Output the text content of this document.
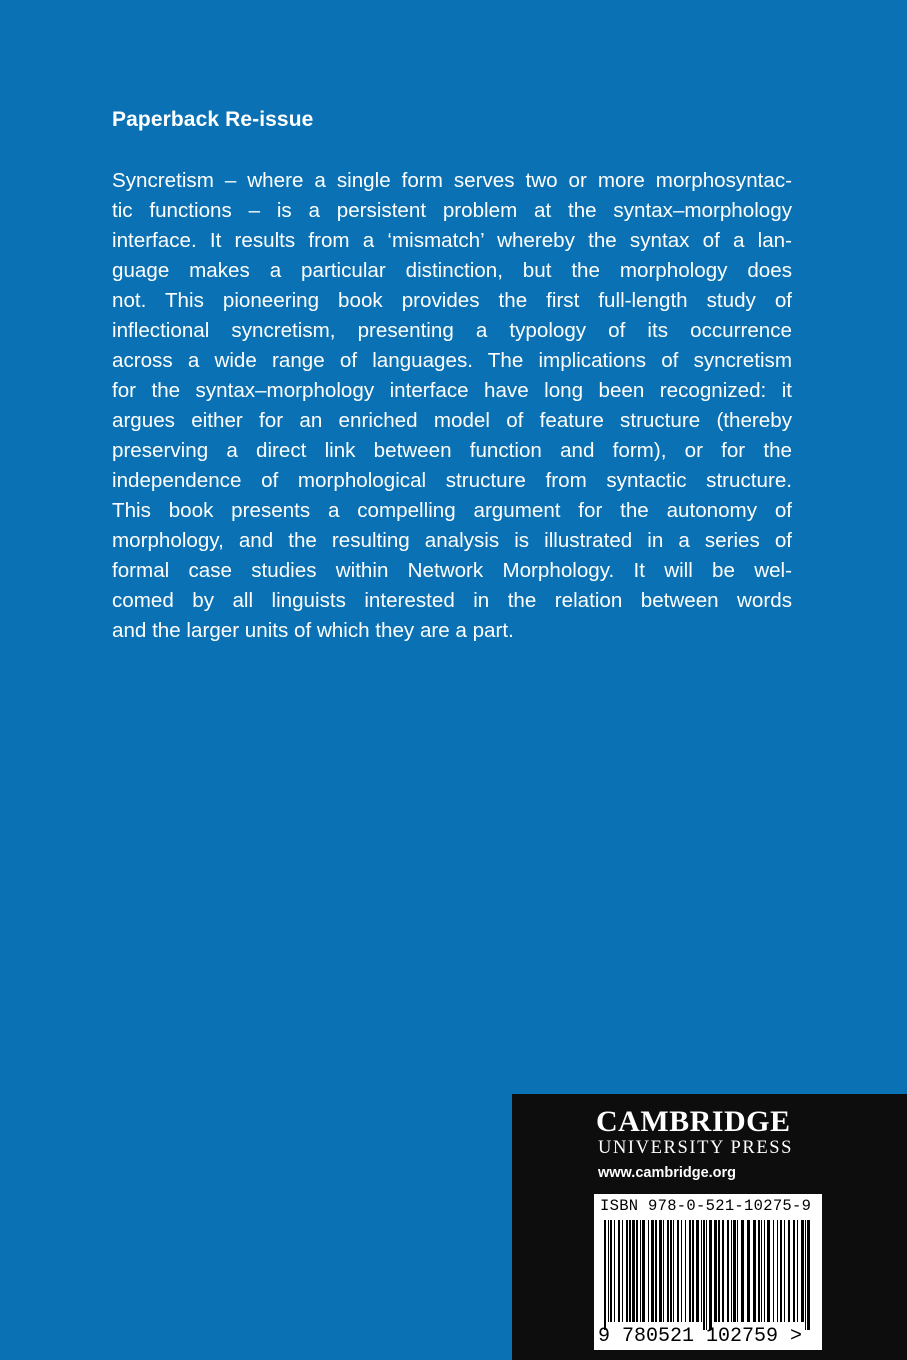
Paperback Re-issue
Syncretism – where a single form serves two or more morphosyntac-
tic functions – is a persistent problem at the syntax–morphology
interface. It results from a ‘mismatch’ whereby the syntax of a lan-
guage makes a particular distinction, but the morphology does
not. This pioneering book provides the first full-length study of
inflectional syncretism, presenting a typology of its occurrence
across a wide range of languages. The implications of syncretism
for the syntax–morphology interface have long been recognized: it
argues either for an enriched model of feature structure (thereby
preserving a direct link between function and form), or for the
independence of morphological structure from syntactic structure.
This book presents a compelling argument for the autonomy of
morphology, and the resulting analysis is illustrated in a series of
formal case studies within Network Morphology. It will be wel-
comed by all linguists interested in the relation between words
and the larger units of which they are a part.
CAMBRIDGE
UNIVERSITY PRESS
www.cambridge.org
ISBN 978-0-521-10275-9
9 780521 102759 >
